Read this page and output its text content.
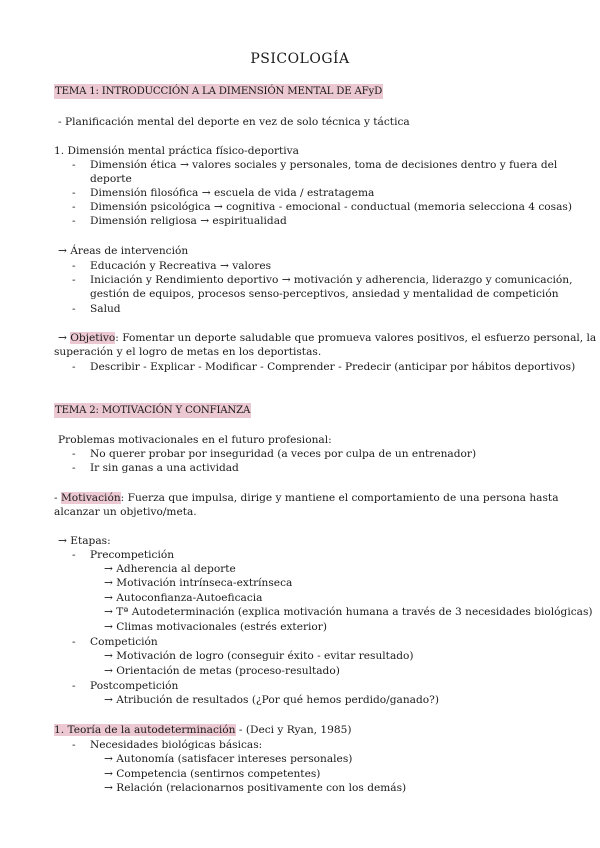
PSICOLOGÍA
TEMA 1: INTRODUCCIÓN A LA DIMENSIÓN MENTAL DE AFyD
- Planificación mental del deporte en vez de solo técnica y táctica
1. Dimensión mental práctica físico-deportiva
- Dimensión ética → valores sociales y personales, toma de decisiones dentro y fuera del
deporte
- Dimensión filosófica → escuela de vida / estratagema
- Dimensión psicológica → cognitiva - emocional - conductual (memoria selecciona 4 cosas)
- Dimensión religiosa → espiritualidad
→ Áreas de intervención
- Educación y Recreativa → valores
- Iniciación y Rendimiento deportivo → motivación y adherencia, liderazgo y comunicación,
gestión de equipos, procesos senso-perceptivos, ansiedad y mentalidad de competición
- Salud
→ Objetivo: Fomentar un deporte saludable que promueva valores positivos, el esfuerzo personal, la
superación y el logro de metas en los deportistas.
- Describir - Explicar - Modificar - Comprender - Predecir (anticipar por hábitos deportivos)
TEMA 2: MOTIVACIÓN Y CONFIANZA
Problemas motivacionales en el futuro profesional:
- No querer probar por inseguridad (a veces por culpa de un entrenador)
- Ir sin ganas a una actividad
- Motivación: Fuerza que impulsa, dirige y mantiene el comportamiento de una persona hasta
alcanzar un objetivo/meta.
→ Etapas:
- Precompetición
→ Adherencia al deporte
→ Motivación intrínseca-extrínseca
→ Autoconfianza-Autoeficacia
→ Tª Autodeterminación (explica motivación humana a través de 3 necesidades biológicas)
→ Climas motivacionales (estrés exterior)
- Competición
→ Motivación de logro (conseguir éxito - evitar resultado)
→ Orientación de metas (proceso-resultado)
- Postcompetición
→ Atribución de resultados (¿Por qué hemos perdido/ganado?)
1. Teoría de la autodeterminación - (Deci y Ryan, 1985)
- Necesidades biológicas básicas:
→ Autonomía (satisfacer intereses personales)
→ Competencia (sentirnos competentes)
→ Relación (relacionarnos positivamente con los demás)
